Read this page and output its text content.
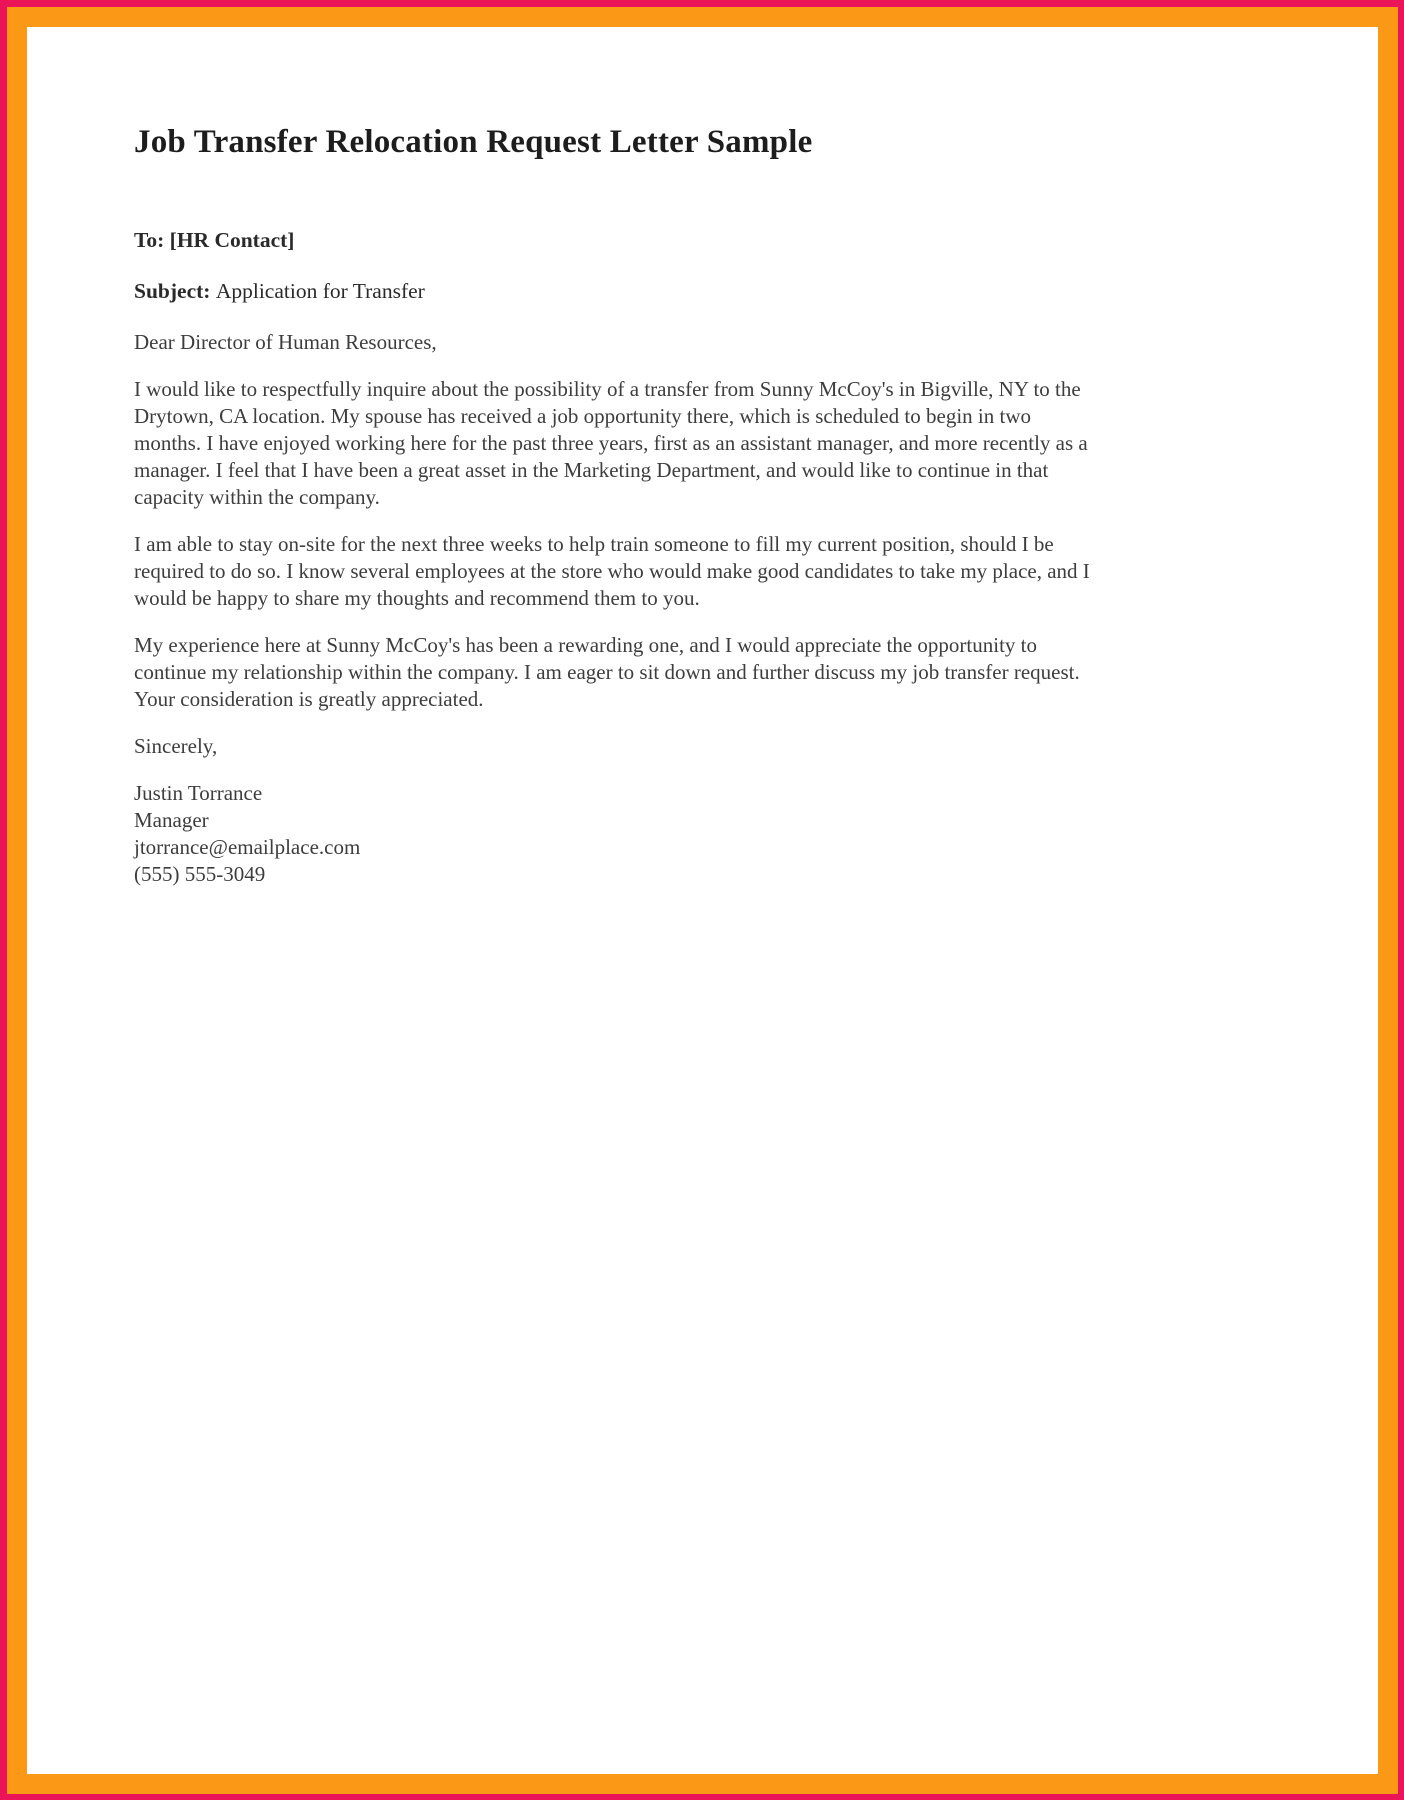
Job Transfer Relocation Request Letter Sample

To: [HR Contact]

Subject: Application for Transfer

Dear Director of Human Resources,

I would like to respectfully inquire about the possibility of a transfer from Sunny McCoy's in Bigville, NY to the Drytown, CA location. My spouse has received a job opportunity there, which is scheduled to begin in two months. I have enjoyed working here for the past three years, first as an assistant manager, and more recently as a manager. I feel that I have been a great asset in the Marketing Department, and would like to continue in that capacity within the company.

I am able to stay on-site for the next three weeks to help train someone to fill my current position, should I be required to do so. I know several employees at the store who would make good candidates to take my place, and I would be happy to share my thoughts and recommend them to you.

My experience here at Sunny McCoy's has been a rewarding one, and I would appreciate the opportunity to continue my relationship within the company. I am eager to sit down and further discuss my job transfer request. Your consideration is greatly appreciated.

Sincerely,

Justin Torrance

Manager

jtorrance@emailplace.com

(555) 555-3049
